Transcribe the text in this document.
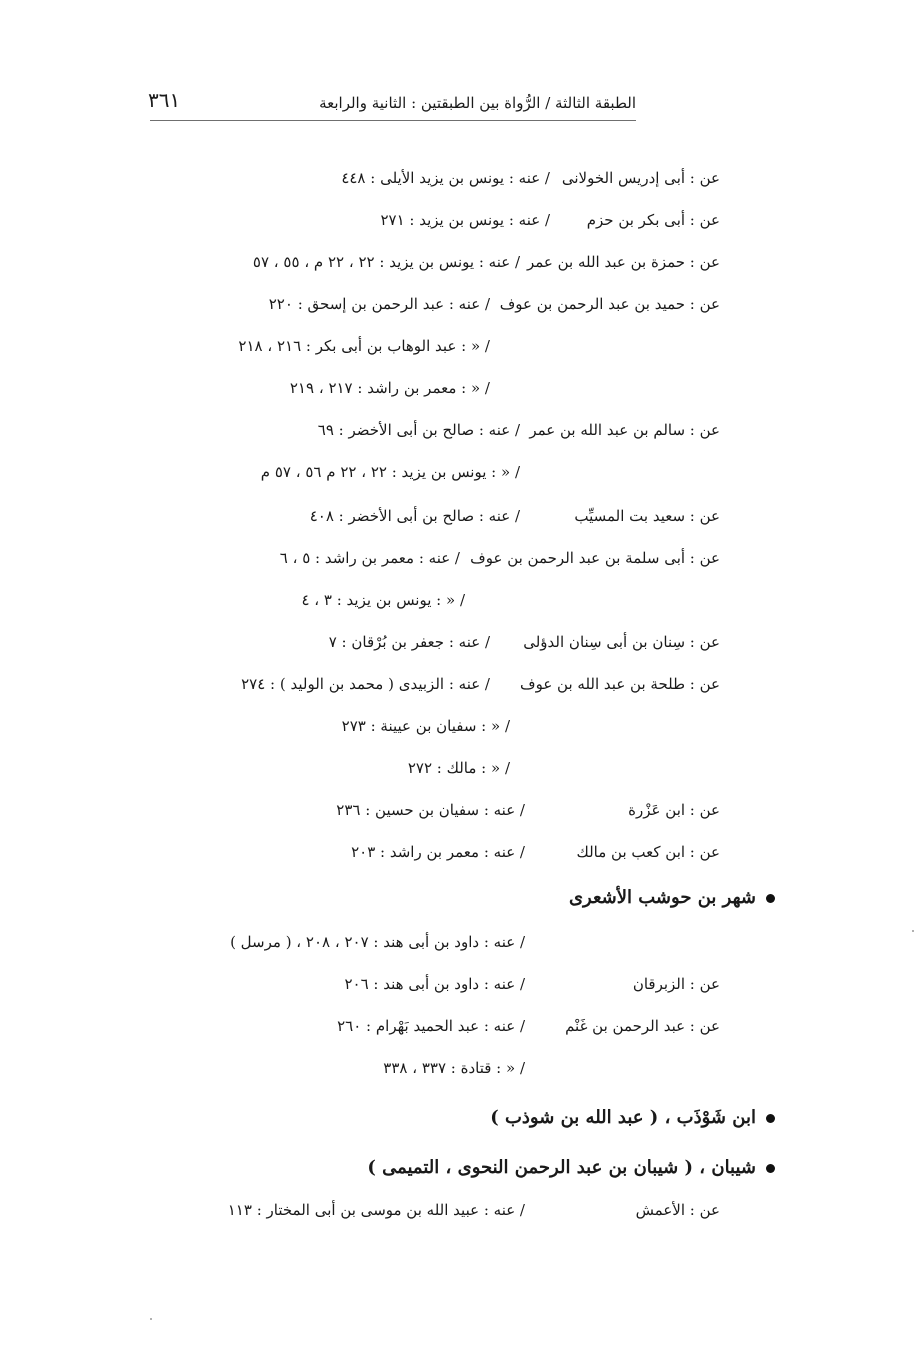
الطبقة الثالثة / الرُّواة بين الطبقتين : الثانية والرابعة
٣٦١
عن : أبى إدريس الخولانى/ عنه : يونس بن يزيد الأيلى : ٤٤٨
عن : أبى بكر بن حزم/ عنه : يونس بن يزيد : ٢٧١
عن : حمزة بن عبد الله بن عمر/ عنه : يونس بن يزيد : ٢٢ ، ٢٢ م ، ٥٥ ، ٥٧
عن : حميد بن عبد الرحمن بن عوف/ عنه : عبد الرحمن بن إسحق : ٢٢٠
/ « : عبد الوهاب بن أبى بكر : ٢١٦ ، ٢١٨
/ « : معمر بن راشد : ٢١٧ ، ٢١٩
عن : سالم بن عبد الله بن عمر/ عنه : صالح بن أبى الأخضر : ٦٩
/ « : يونس بن يزيد : ٢٢ ، ٢٢ م ٥٦ ، ٥٧ م
عن : سعيد بت المسيِّب/ عنه : صالح بن أبى الأخضر : ٤٠٨
عن : أبى سلمة بن عبد الرحمن بن عوف/ عنه : معمر بن راشد : ٥ ، ٦
/ « : يونس بن يزيد : ٣ ، ٤
عن : سِنان بن أبى سِنان الدؤلى/ عنه : جعفر بن بُرْقان : ٧
عن : طلحة بن عبد الله بن عوف/ عنه : الزبيدى ( محمد بن الوليد ) : ٢٧٤
/ « : سفيان بن عيينة : ٢٧٣
/ « : مالك : ٢٧٢
عن : ابن عَزْرة/ عنه : سفيان بن حسين : ٢٣٦
عن : ابن كعب بن مالك/ عنه : معمر بن راشد : ٢٠٣
شهر بن حوشب الأشعرى
/ عنه : داود بن أبى هند : ٢٠٧ ، ٢٠٨ ، ( مرسل )
عن : الزبرقان/ عنه : داود بن أبى هند : ٢٠٦
عن : عبد الرحمن بن غَنْم/ عنه : عبد الحميد بَهْرام : ٢٦٠
/ « : قتادة : ٣٣٧ ، ٣٣٨
ابن شَوْذَب ، ( عبد الله بن شوذب )
شيبان ، ( شيبان بن عبد الرحمن النحوى ، التميمى )
عن : الأعمش/ عنه : عبيد الله بن موسى بن أبى المختار : ١١٣
